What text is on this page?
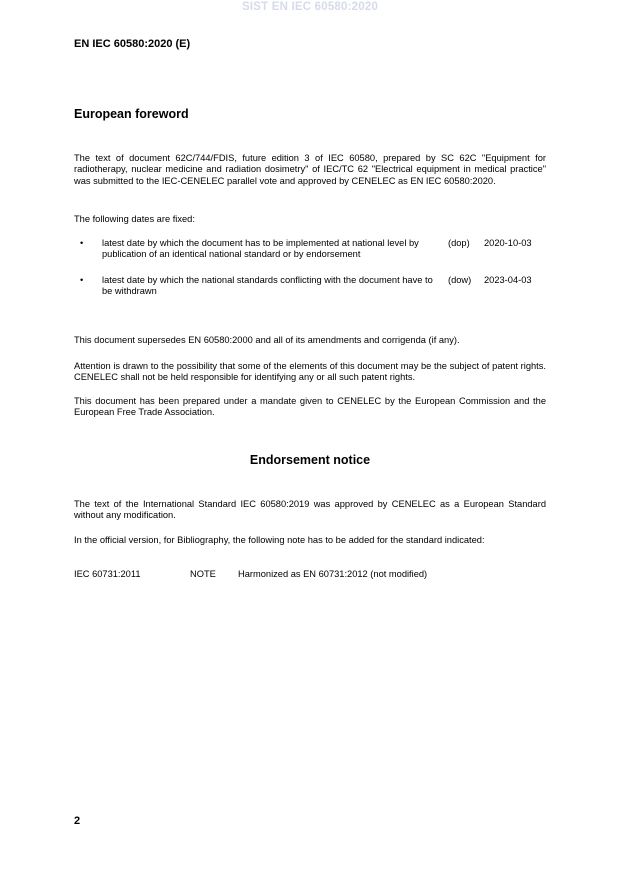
SIST EN IEC 60580:2020
EN IEC 60580:2020 (E)
European foreword

The text of document 62C/744/FDIS, future edition 3 of IEC 60580, prepared by SC 62C "Equipment for radiotherapy, nuclear medicine and radiation dosimetry" of IEC/TC 62 "Electrical equipment in medical practice" was submitted to the IEC-CENELEC parallel vote and approved by CENELEC as EN IEC 60580:2020.

The following dates are fixed:

• latest date by which the document has to be implemented at national level by publication of an identical national standard or by endorsement
(dop)	2020-10-03
• latest date by which the national standards conflicting with the document have to be withdrawn
(dow)	2023-04-03

This document supersedes EN 60580:2000 and all of its amendments and corrigenda (if any).

Attention is drawn to the possibility that some of the elements of this document may be the subject of patent rights. CENELEC shall not be held responsible for identifying any or all such patent rights.

This document has been prepared under a mandate given to CENELEC by the European Commission and the European Free Trade Association.

Endorsement notice

The text of the International Standard IEC 60580:2019 was approved by CENELEC as a European Standard without any modification.

In the official version, for Bibliography, the following note has to be added for the standard indicated:

IEC 60731:2011	NOTE Harmonized as EN 60731:2012 (not modified)
2
